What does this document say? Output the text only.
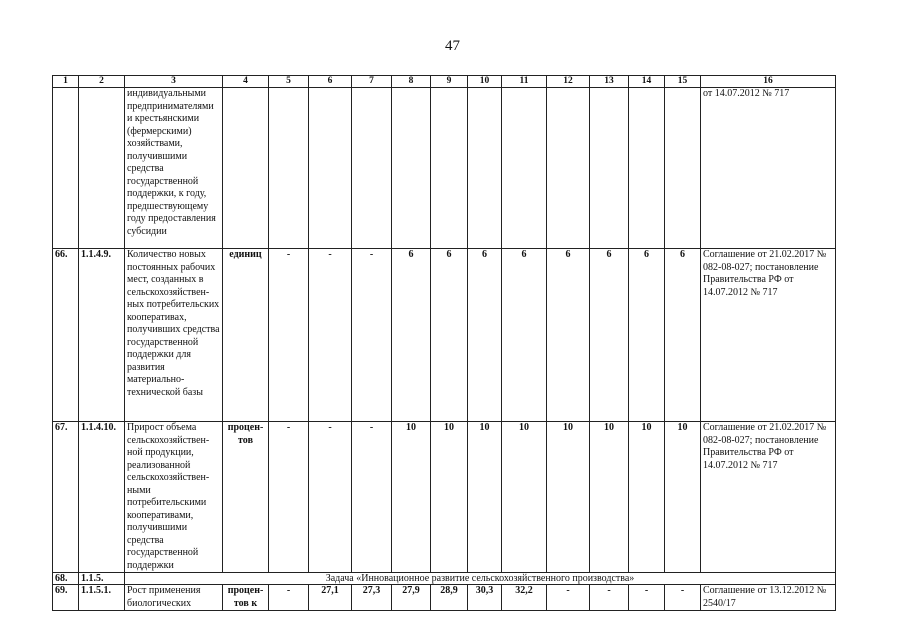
47
1	2	3	4	5	6	7	8	9	10	11	12	13	14	15	16
		индивидуальными предпринимателями и крестьянскими (фермерскими) хозяйствами, получившими средства государственной поддержки, к году, предшествующему году предоставления субсидии													от 14.07.2012 № 717
66.	1.1.4.9.	Количество новых постоянных рабочих мест, созданных в сельскохозяйствен-ных потребительских кооперативах, получивших средства государственной поддержки для развития материально-технической базы	единиц	-	-	-	6	6	6	6	6	6	6	6	Соглашение от 21.02.2017 № 082-08-027; постановление Правительства РФ от 14.07.2012 № 717
67.	1.1.4.10.	Прирост объема сельскохозяйствен-ной продукции, реализованной сельскохозяйствен-ными потребительскими кооперативами, получившими средства государственной поддержки	процен-тов	-	-	-	10	10	10	10	10	10	10	10	Соглашение от 21.02.2017 № 082-08-027; постановление Правительства РФ от 14.07.2012 № 717
68.	1.1.5.	Задача «Инновационное развитие сельскохозяйственного производства»													
69.	1.1.5.1.	Рост применения биологических	процен-тов к	-	27,1	27,3	27,9	28,9	30,3	32,2	-	-	-	-	Соглашение от 13.12.2012 № 2540/17
